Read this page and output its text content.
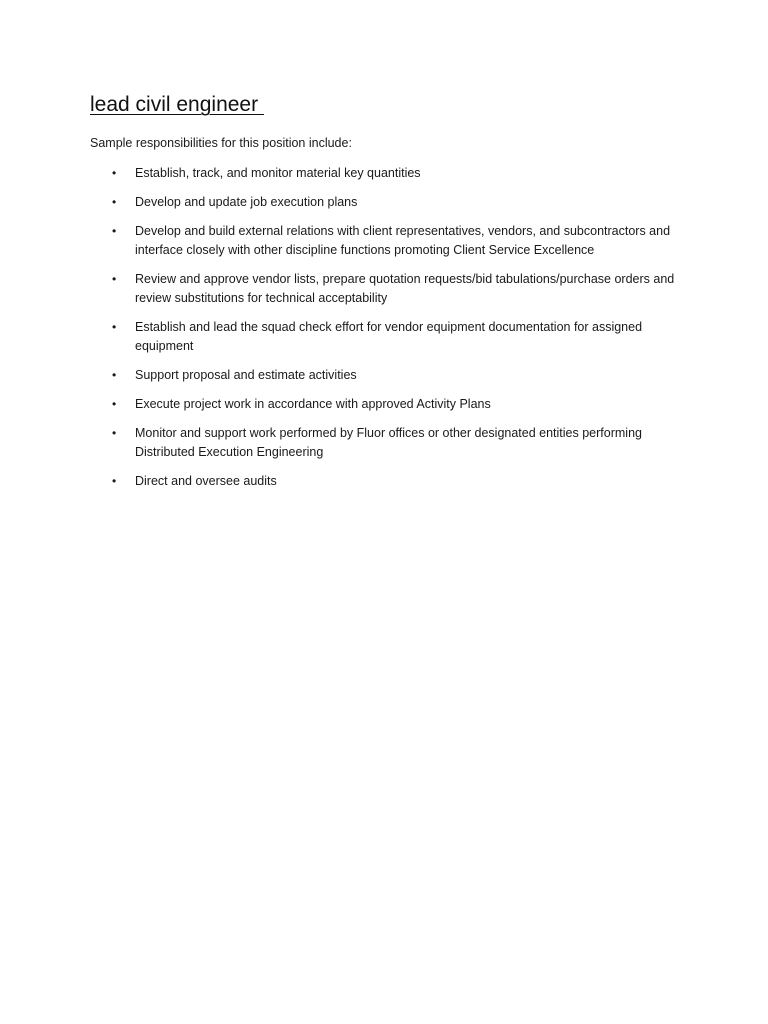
lead civil engineer

Sample responsibilities for this position include:

• Establish, track, and monitor material key quantities
• Develop and update job execution plans
• Develop and build external relations with client representatives, vendors, and subcontractors and interface closely with other discipline functions promoting Client Service Excellence
• Review and approve vendor lists, prepare quotation requests/bid tabulations/purchase orders and review substitutions for technical acceptability
• Establish and lead the squad check effort for vendor equipment documentation for assigned equipment
• Support proposal and estimate activities
• Execute project work in accordance with approved Activity Plans
• Monitor and support work performed by Fluor offices or other designated entities performing Distributed Execution Engineering
• Direct and oversee audits
